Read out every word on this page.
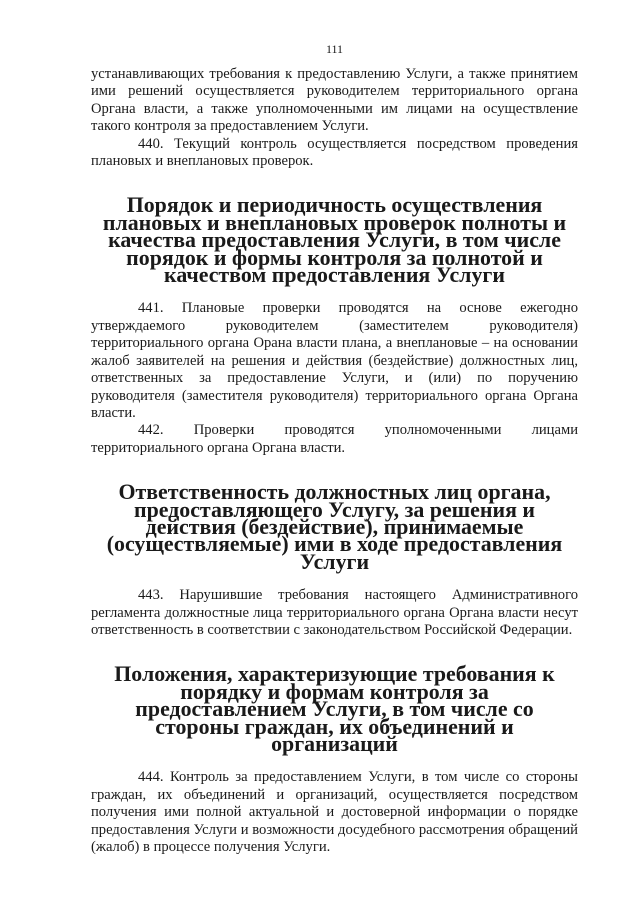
111

устанавливающих требования к предоставлению Услуги, а также принятием ими решений осуществляется руководителем территориального органа Органа власти, а также уполномоченными им лицами на осуществление такого контроля за предоставлением Услуги.

440. Текущий контроль осуществляется посредством проведения плановых и внеплановых проверок.

Порядок и периодичность осуществления плановых и внеплановых проверок полноты и качества предоставления Услуги, в том числе порядок и формы контроля за полнотой и качеством предоставления Услуги

441. Плановые проверки проводятся на основе ежегодно утверждаемого руководителем (заместителем руководителя) территориального органа Орана власти плана, а внеплановые – на основании жалоб заявителей на решения и действия (бездействие) должностных лиц, ответственных за предоставление Услуги, и (или) по поручению руководителя (заместителя руководителя) территориального органа Органа власти.

442. Проверки проводятся уполномоченными лицами территориального органа Органа власти.

Ответственность должностных лиц органа, предоставляющего Услугу, за решения и действия (бездействие), принимаемые (осуществляемые) ими в ходе предоставления Услуги

443. Нарушившие требования настоящего Административного регламента должностные лица территориального органа Органа власти несут ответственность в соответствии с законодательством Российской Федерации.

Положения, характеризующие требования к порядку и формам контроля за предоставлением Услуги, в том числе со стороны граждан, их объединений и организаций

444. Контроль за предоставлением Услуги, в том числе со стороны граждан, их объединений и организаций, осуществляется посредством получения ими полной актуальной и достоверной информации о порядке предоставления Услуги и возможности досудебного рассмотрения обращений (жалоб) в процессе получения Услуги.
